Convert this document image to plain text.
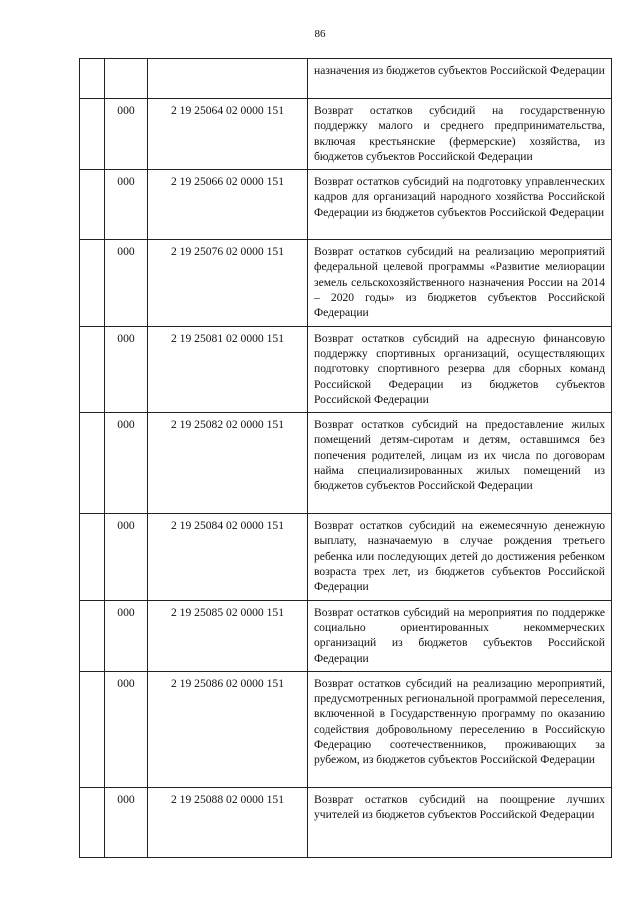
86
			назначения из бюджетов субъектов Российской Федерации
	000	2 19 25064 02 0000 151	Возврат остатков субсидий на государственную поддержку малого и среднего предпринимательства, включая крестьянские (фермерские) хозяйства, из бюджетов субъектов Российской Федерации
	000	2 19 25066 02 0000 151	Возврат остатков субсидий на подготовку управленческих кадров для организаций народного хозяйства Российской Федерации из бюджетов субъектов Российской Федерации
	000	2 19 25076 02 0000 151	Возврат остатков субсидий на реализацию мероприятий федеральной целевой программы «Развитие мелиорации земель сельскохозяйственного назначения России на 2014 – 2020 годы» из бюджетов субъектов Российской Федерации
	000	2 19 25081 02 0000 151	Возврат остатков субсидий на адресную финансовую поддержку спортивных организаций, осуществляющих подготовку спортивного резерва для сборных команд Российской Федерации из бюджетов субъектов Российской Федерации
	000	2 19 25082 02 0000 151	Возврат остатков субсидий на предоставление жилых помещений детям-сиротам и детям, оставшимся без попечения родителей, лицам из их числа по договорам найма специализированных жилых помещений из бюджетов субъектов Российской Федерации
	000	2 19 25084 02 0000 151	Возврат остатков субсидий на ежемесячную денежную выплату, назначаемую в случае рождения третьего ребенка или последующих детей до достижения ребенком возраста трех лет, из бюджетов субъектов Российской Федерации
	000	2 19 25085 02 0000 151	Возврат остатков субсидий на мероприятия по поддержке социально ориентированных некоммерческих организаций из бюджетов субъектов Российской Федерации
	000	2 19 25086 02 0000 151	Возврат остатков субсидий на реализацию мероприятий, предусмотренных региональной программой переселения, включенной в Государственную программу по оказанию содействия добровольному переселению в Российскую Федерацию соотечественников, проживающих за рубежом, из бюджетов субъектов Российской Федерации
	000	2 19 25088 02 0000 151	Возврат остатков субсидий на поощрение лучших учителей из бюджетов субъектов Российской Федерации
